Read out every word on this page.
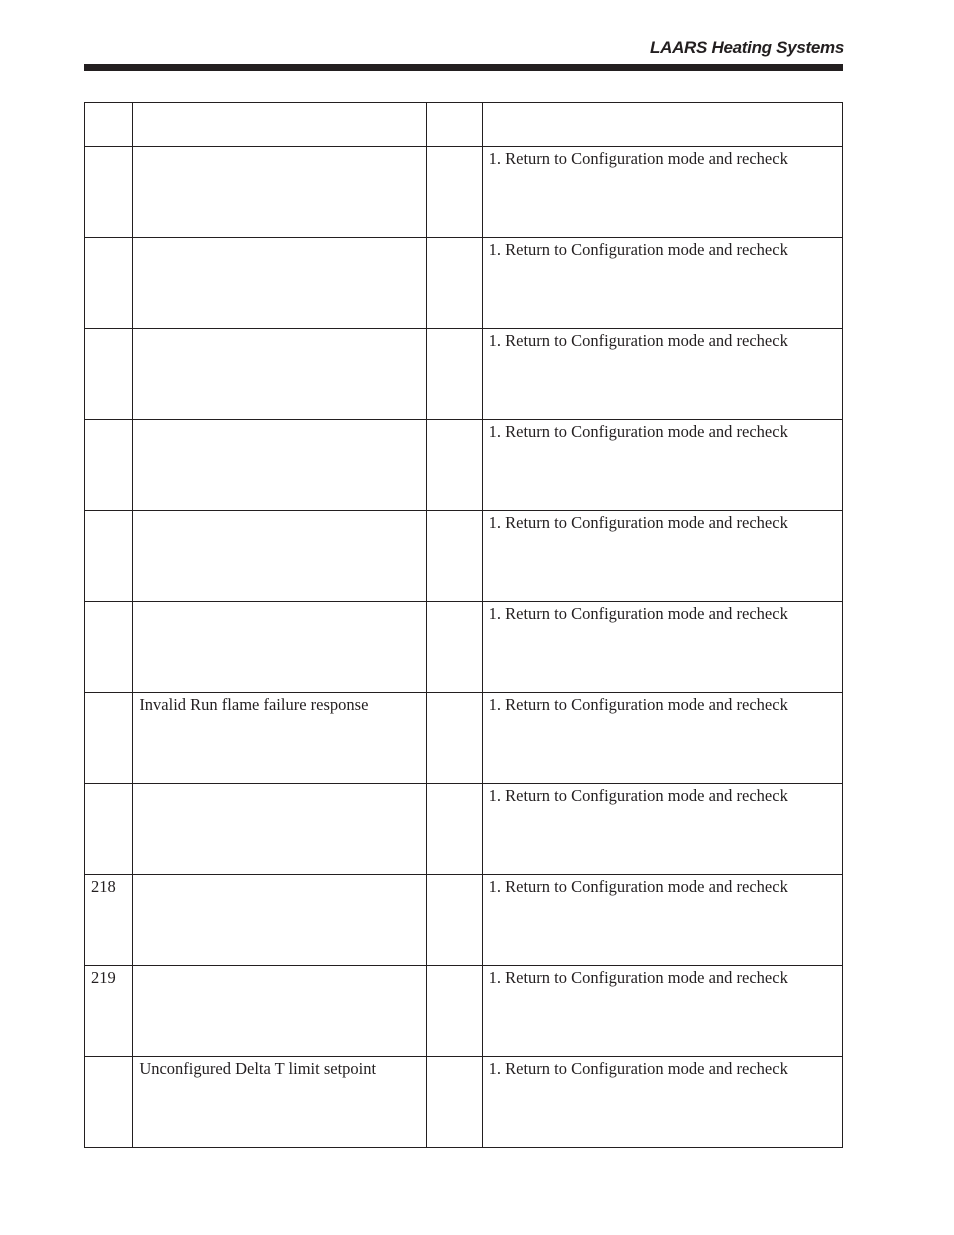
LAARS Heating Systems

			1. Return to Configuration mode and recheck

			1. Return to Configuration mode and recheck

			1. Return to Configuration mode and recheck

			1. Return to Configuration mode and recheck

			1. Return to Configuration mode and recheck

			1. Return to Configuration mode and recheck

	Invalid Run flame failure response		1. Return to Configuration mode and recheck

			1. Return to Configuration mode and recheck

218			1. Return to Configuration mode and recheck

219			1. Return to Configuration mode and recheck

	Unconfigured Delta T limit setpoint		1. Return to Configuration mode and recheck
